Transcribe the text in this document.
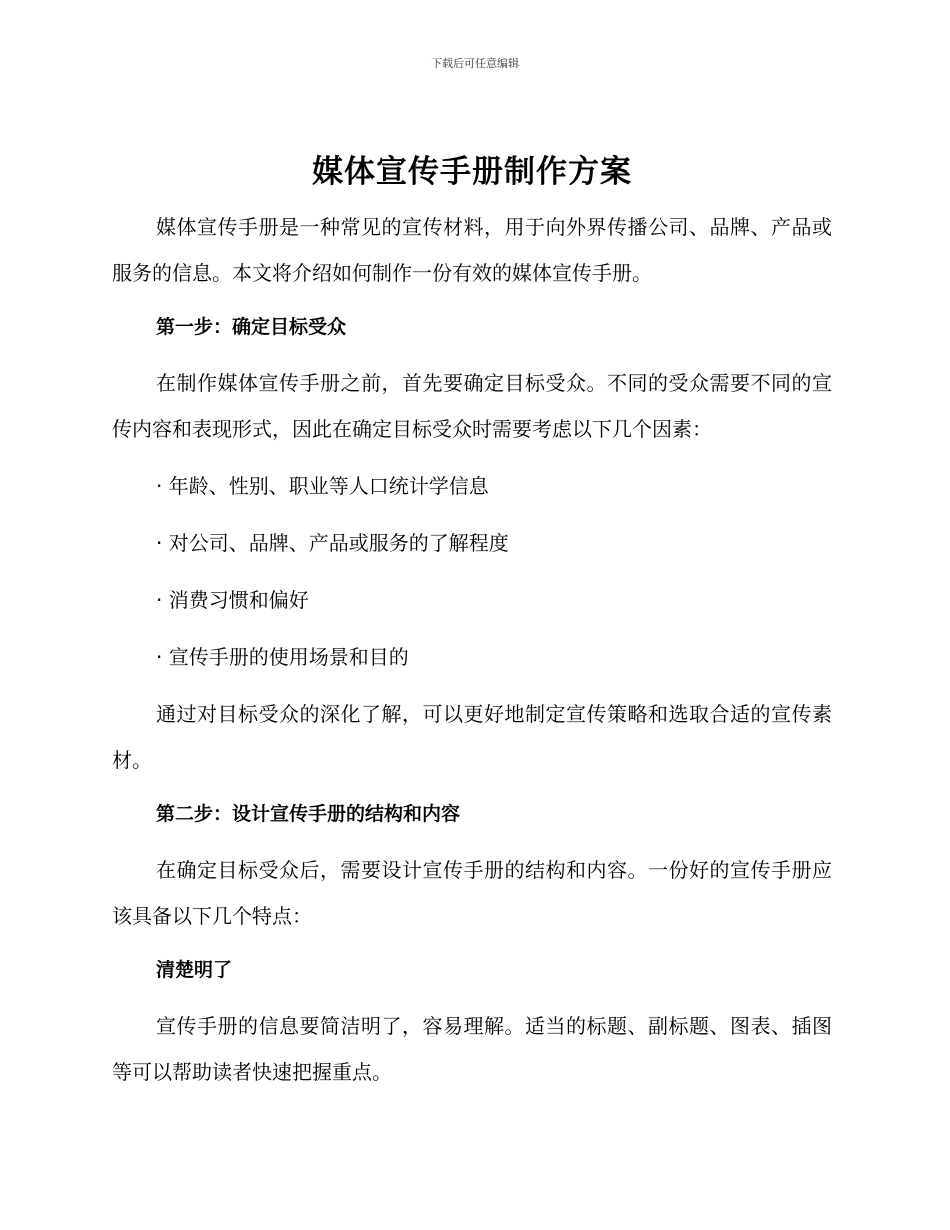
下载后可任意编辑
媒体宣传手册制作方案

媒体宣传手册是一种常见的宣传材料，用于向外界传播公司、品牌、产品或服务的信息。本文将介绍如何制作一份有效的媒体宣传手册。

第一步：确定目标受众

在制作媒体宣传手册之前，首先要确定目标受众。不同的受众需要不同的宣传内容和表现形式，因此在确定目标受众时需要考虑以下几个因素：

· 年龄、性别、职业等人口统计学信息
· 对公司、品牌、产品或服务的了解程度
· 消费习惯和偏好
· 宣传手册的使用场景和目的

通过对目标受众的深化了解，可以更好地制定宣传策略和选取合适的宣传素材。

第二步：设计宣传手册的结构和内容

在确定目标受众后，需要设计宣传手册的结构和内容。一份好的宣传手册应该具备以下几个特点：

清楚明了

宣传手册的信息要简洁明了，容易理解。适当的标题、副标题、图表、插图等可以帮助读者快速把握重点。
